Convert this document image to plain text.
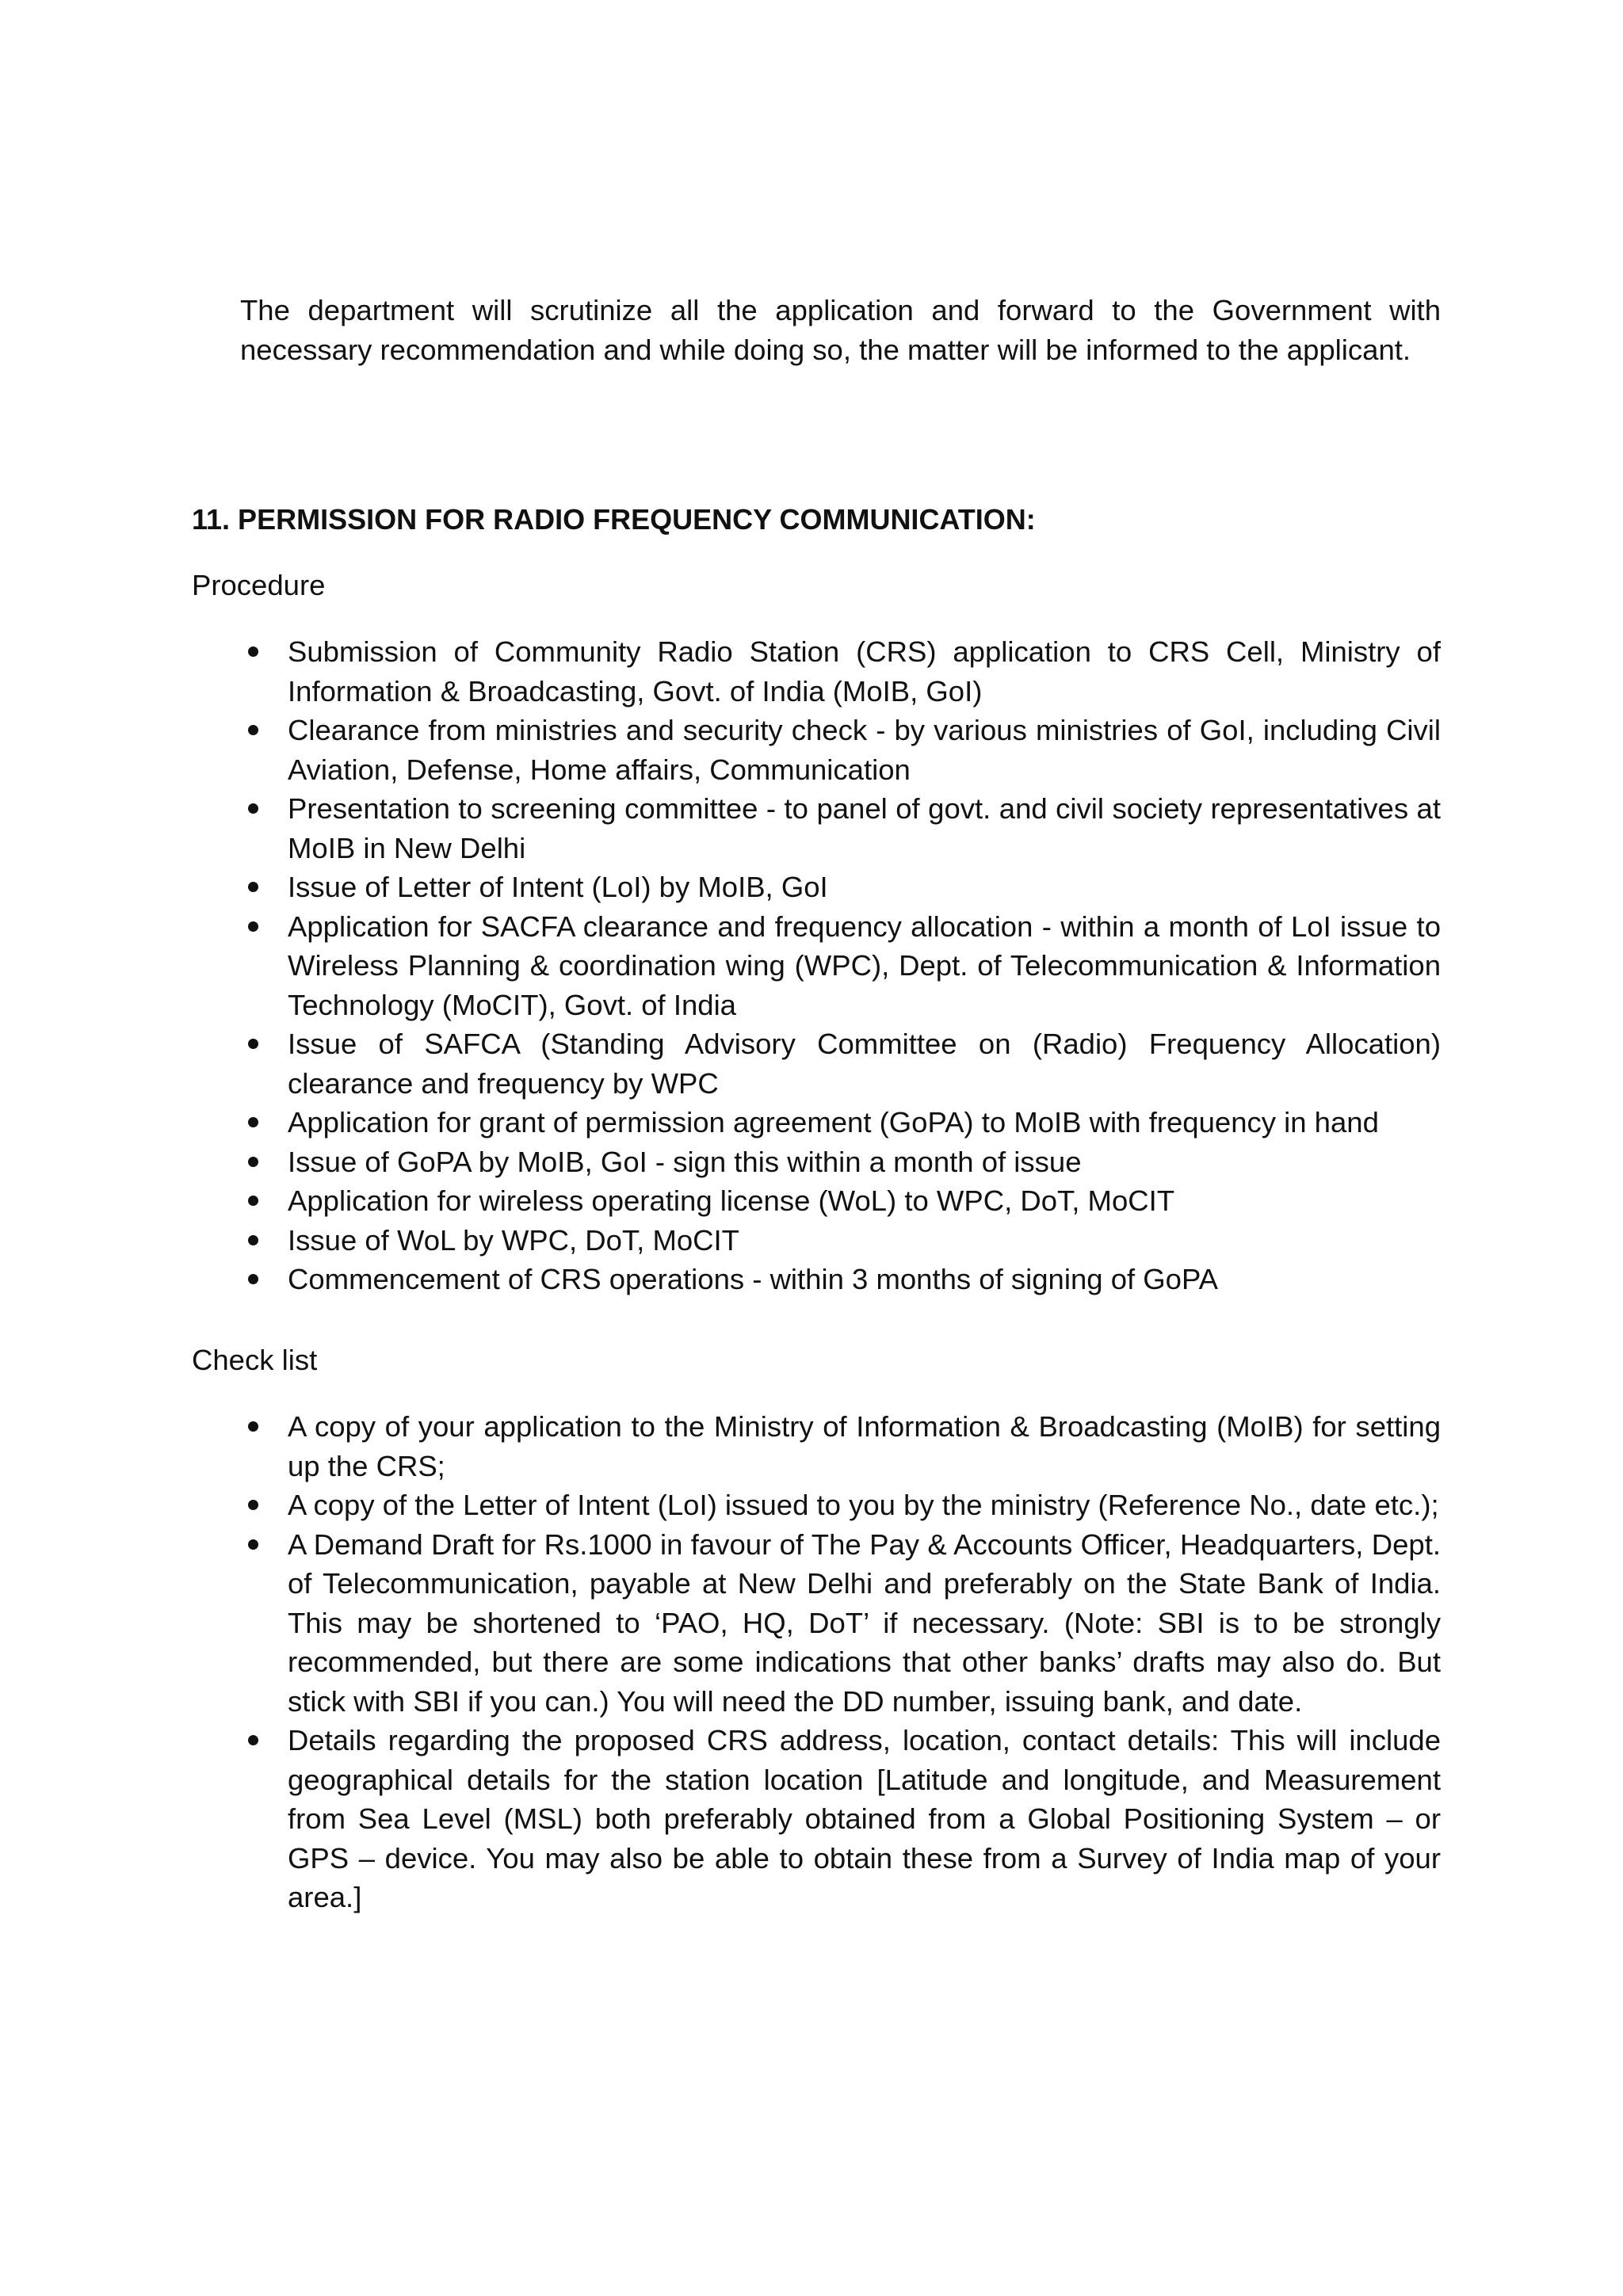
The department will scrutinize all the application and forward to the Government with necessary recommendation and while doing so, the matter will be informed to the applicant.

11. PERMISSION FOR RADIO FREQUENCY COMMUNICATION:

Procedure

Submission of Community Radio Station (CRS) application to CRS Cell, Ministry of Information & Broadcasting, Govt. of India (MoIB, GoI)
Clearance from ministries and security check - by various ministries of GoI, including Civil Aviation, Defense, Home affairs, Communication
Presentation to screening committee - to panel of govt. and civil society representatives at MoIB in New Delhi
Issue of Letter of Intent (LoI) by MoIB, GoI
Application for SACFA clearance and frequency allocation - within a month of LoI issue to Wireless Planning & coordination wing (WPC), Dept. of Telecommunication & Information Technology (MoCIT), Govt. of India
Issue of SAFCA (Standing Advisory Committee on (Radio) Frequency Allocation) clearance and frequency by WPC
Application for grant of permission agreement (GoPA) to MoIB with frequency in hand
Issue of GoPA by MoIB, GoI - sign this within a month of issue
Application for wireless operating license (WoL) to WPC, DoT, MoCIT
Issue of WoL by WPC, DoT, MoCIT
Commencement of CRS operations - within 3 months of signing of GoPA

Check list

A copy of your application to the Ministry of Information & Broadcasting (MoIB) for setting up the CRS;
A copy of the Letter of Intent (LoI) issued to you by the ministry (Reference No., date etc.);
A Demand Draft for Rs.1000 in favour of The Pay & Accounts Officer, Headquarters, Dept. of Telecommunication, payable at New Delhi and preferably on the State Bank of India. This may be shortened to ‘PAO, HQ, DoT’ if necessary. (Note: SBI is to be strongly recommended, but there are some indications that other banks’ drafts may also do. But stick with SBI if you can.) You will need the DD number, issuing bank, and date.
Details regarding the proposed CRS address, location, contact details: This will include geographical details for the station location [Latitude and longitude, and Measurement from Sea Level (MSL) both preferably obtained from a Global Positioning System – or GPS – device. You may also be able to obtain these from a Survey of India map of your area.]
